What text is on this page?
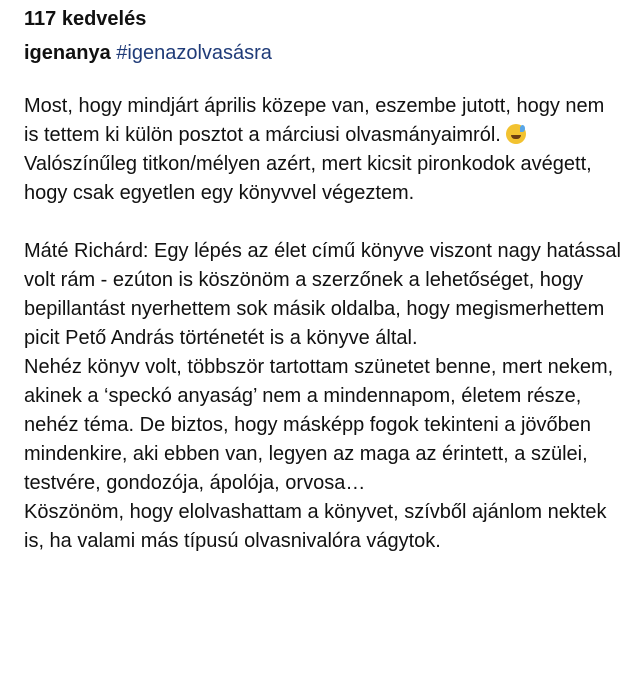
117 kedvelés
igenanya #igenazolvasásra

Most, hogy mindjárt április közepe van, eszembe jutott, hogy nem is tettem ki külön posztot a márciusi olvasmányaimról.  Valószínűleg titkon/mélyen azért, mert kicsit pironkodok avégett, hogy csak egyetlen egy könyvvel végeztem.

Máté Richárd: Egy lépés az élet című könyve viszont nagy hatással volt rám - ezúton is köszönöm a szerzőnek a lehetőséget, hogy bepillantást nyerhettem sok másik oldalba, hogy megismerhettem picit Pető András történetét is a könyve által.

Nehéz könyv volt, többször tartottam szünetet benne, mert nekem, akinek a ‘speckó anyaság’ nem a mindennapom, életem része, nehéz téma. De biztos, hogy másképp fogok tekinteni a jövőben mindenkire, aki ebben van, legyen az maga az érintett, a szülei, testvére, gondozója, ápolója, orvosa…

Köszönöm, hogy elolvashattam a könyvet, szívből ajánlom nektek is, ha valami más típusú olvasnivalóra vágytok.
